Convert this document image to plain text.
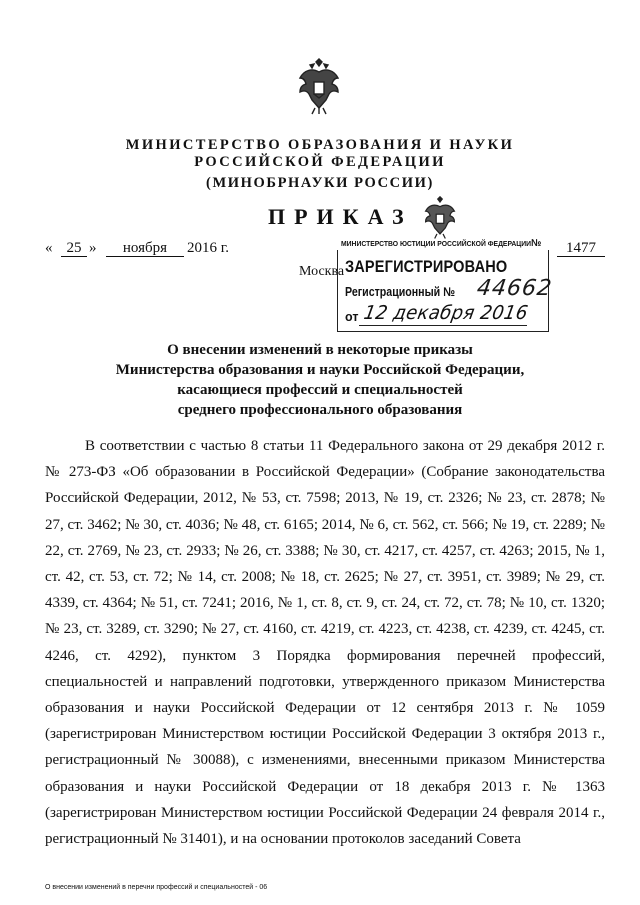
МИНИСТЕРСТВО ОБРАЗОВАНИЯ И НАУКИ
РОССИЙСКОЙ ФЕДЕРАЦИИ
(МИНОБРНАУКИ РОССИИ)
ПРИКАЗ
« 25 »	ноября	2016 г.	1477
Москва
МИНИСТЕРСТВО ЮСТИЦИИ РОССИЙСКОЙ ФЕДЕРАЦИИ№
ЗАРЕГИСТРИРОВАНО
Регистрационный № 44662
от 12 декабря 2016
О внесении изменений в некоторые приказы
Министерства образования и науки Российской Федерации,
касающиеся профессий и специальностей
среднего профессионального образования

В соответствии с частью 8 статьи 11 Федерального закона от 29 декабря 2012 г. № 273-ФЗ «Об образовании в Российской Федерации» (Собрание законодательства Российской Федерации, 2012, № 53, ст. 7598; 2013, № 19, ст. 2326; № 23, ст. 2878; № 27, ст. 3462; № 30, ст. 4036; № 48, ст. 6165; 2014, № 6, ст. 562, ст. 566; № 19, ст. 2289; № 22, ст. 2769, № 23, ст. 2933; № 26, ст. 3388; № 30, ст. 4217, ст. 4257, ст. 4263; 2015, № 1, ст. 42, ст. 53, ст. 72; № 14, ст. 2008; № 18, ст. 2625; № 27, ст. 3951, ст. 3989; № 29, ст. 4339, ст. 4364; № 51, ст. 7241; 2016, № 1, ст. 8, ст. 9, ст. 24, ст. 72, ст. 78; № 10, ст. 1320; № 23, ст. 3289, ст. 3290; № 27, ст. 4160, ст. 4219, ст. 4223, ст. 4238, ст. 4239, ст. 4245, ст. 4246, ст. 4292), пунктом 3 Порядка формирования перечней профессий, специальностей и направлений подготовки, утвержденного приказом Министерства образования и науки Российской Федерации от 12 сентября 2013 г. № 1059 (зарегистрирован Министерством юстиции Российской Федерации 3 октября 2013 г., регистрационный № 30088), с изменениями, внесенными приказом Министерства образования и науки Российской Федерации от 18 декабря 2013 г. № 1363 (зарегистрирован Министерством юстиции Российской Федерации 24 февраля 2014 г., регистрационный № 31401), и на основании протоколов заседаний Совета

О внесении изменений в перечни профессий и специальностей - 06
